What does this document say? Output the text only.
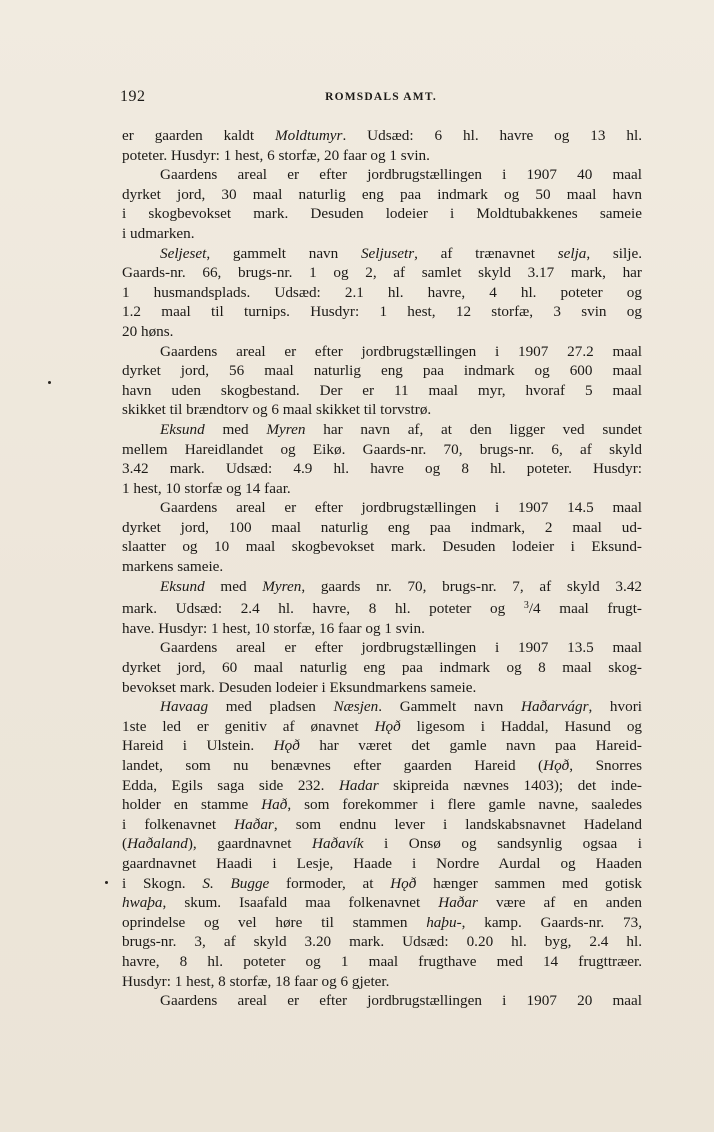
192	ROMSDALS AMT.
er gaarden kaldt Moldtumyr. Udsæd: 6 hl. havre og 13 hl.
poteter. Husdyr: 1 hest, 6 storfæ, 20 faar og 1 svin.
Gaardens areal er efter jordbrugstællingen i 1907 40 maal
dyrket jord, 30 maal naturlig eng paa indmark og 50 maal havn
i skogbevokset mark. Desuden lodeier i Moldtubakkenes sameie
i udmarken.
Seljeset, gammelt navn Seljusetr, af trænavnet selja, silje.
Gaards-nr. 66, brugs-nr. 1 og 2, af samlet skyld 3.17 mark, har
1 husmandsplads. Udsæd: 2.1 hl. havre, 4 hl. poteter og
1.2 maal til turnips. Husdyr: 1 hest, 12 storfæ, 3 svin og
20 høns.
Gaardens areal er efter jordbrugstællingen i 1907 27.2 maal
dyrket jord, 56 maal naturlig eng paa indmark og 600 maal
havn uden skogbestand. Der er 11 maal myr, hvoraf 5 maal
skikket til brændtorv og 6 maal skikket til torvstrø.
Eksund med Myren har navn af, at den ligger ved sundet
mellem Hareidlandet og Eikø. Gaards-nr. 70, brugs-nr. 6, af skyld
3.42 mark. Udsæd: 4.9 hl. havre og 8 hl. poteter. Husdyr:
1 hest, 10 storfæ og 14 faar.
Gaardens areal er efter jordbrugstællingen i 1907 14.5 maal
dyrket jord, 100 maal naturlig eng paa indmark, 2 maal ud-
slaatter og 10 maal skogbevokset mark. Desuden lodeier i Eksund-
markens sameie.
Eksund med Myren, gaards nr. 70, brugs-nr. 7, af skyld 3.42
mark. Udsæd: 2.4 hl. havre, 8 hl. poteter og $^3$/4 maal frugt-
have. Husdyr: 1 hest, 10 storfæ, 16 faar og 1 svin.
Gaardens areal er efter jordbrugstællingen i 1907 13.5 maal
dyrket jord, 60 maal naturlig eng paa indmark og 8 maal skog-
bevokset mark. Desuden lodeier i Eksundmarkens sameie.
Havaag med pladsen Næsjen. Gammelt navn Haðarvágr, hvori
1ste led er genitiv af ønavnet Hǫð ligesom i Haddal, Hasund og
Hareid i Ulstein. Hǫð har været det gamle navn paa Hareid-
landet, som nu benævnes efter gaarden Hareid (Hǫð, Snorres
Edda, Egils saga side 232. Hadar skipreida nævnes 1403); det inde-
holder en stamme Hað, som forekommer i flere gamle navne, saaledes
i folkenavnet Haðar, som endnu lever i landskabsnavnet Hadeland
(Haðaland), gaardnavnet Haðavík i Onsø og sandsynlig ogsaa i
gaardnavnet Haadi i Lesje, Haade i Nordre Aurdal og Haaden
i Skogn. S. Bugge formoder, at Hǫð hænger sammen med gotisk
hwaþa, skum. Isaafald maa folkenavnet Haðar være af en anden
oprindelse og vel høre til stammen haþu-, kamp. Gaards-nr. 73,
brugs-nr. 3, af skyld 3.20 mark. Udsæd: 0.20 hl. byg, 2.4 hl.
havre, 8 hl. poteter og 1 maal frugthave med 14 frugttræer.
Husdyr: 1 hest, 8 storfæ, 18 faar og 6 gjeter.
Gaardens areal er efter jordbrugstællingen i 1907 20 maal
